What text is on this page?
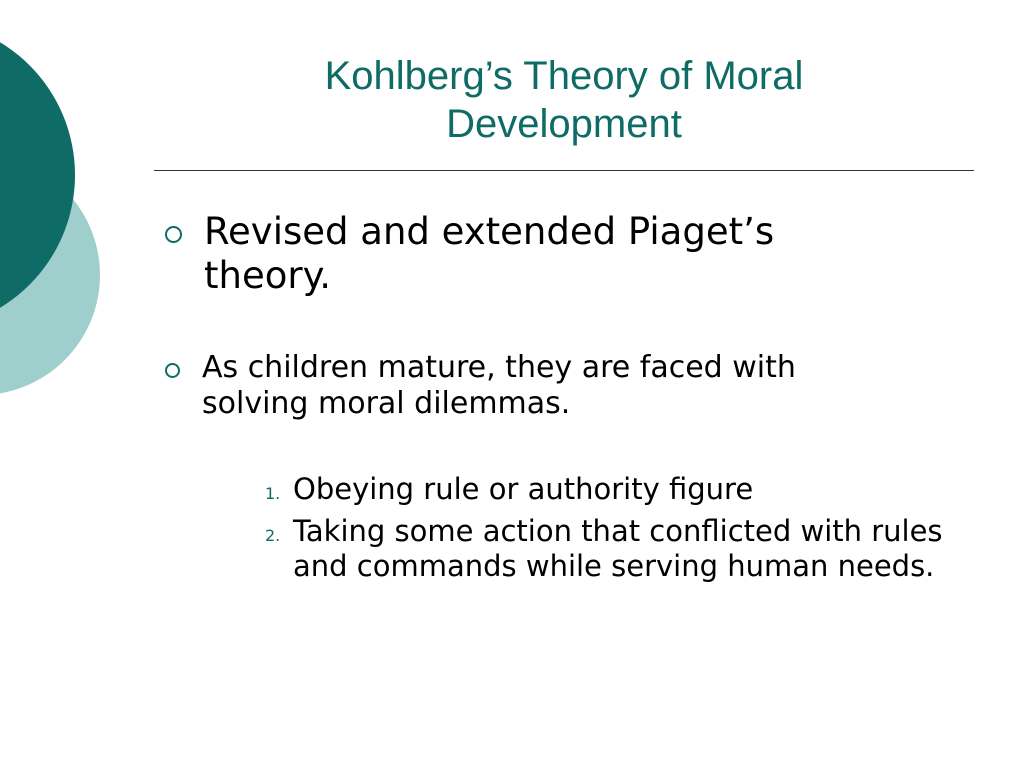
Kohlberg’s Theory of Moral
Development
Revised and extended Piaget’s theory.
As children mature, they are faced with solving moral dilemmas.
1. Obeying rule or authority figure
2. Taking some action that conflicted with rules and commands while serving human needs.
